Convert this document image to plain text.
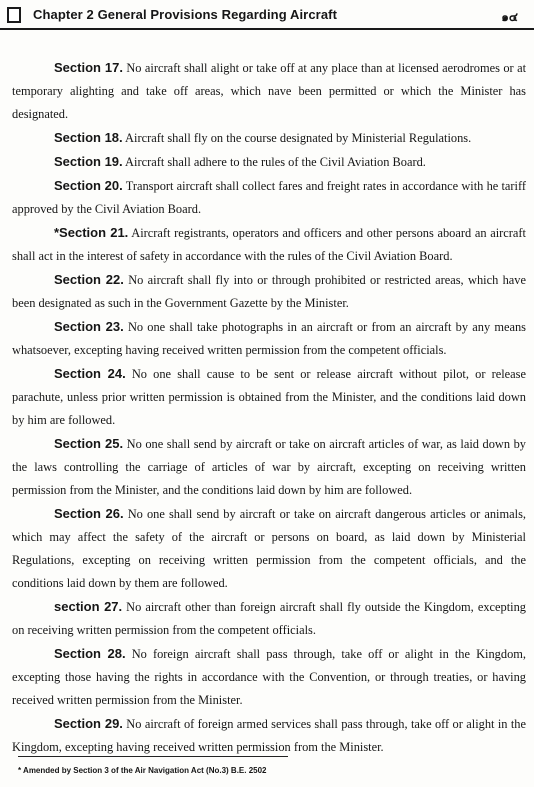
Chapter 2 General Provisions Regarding Aircraft	๑๔

Section 17. No aircraft shall alight or take off at any place than at licensed aerodromes or at temporary alighting and take off areas, which nave been permitted or which the Minister has designated.

Section 18. Aircraft shall fly on the course designated by Ministerial Regulations.

Section 19. Aircraft shall adhere to the rules of the Civil Aviation Board.

Section 20. Transport aircraft shall collect fares and freight rates in accordance with he tariff approved by the Civil Aviation Board.

*Section 21. Aircraft registrants, operators and officers and other persons aboard an aircraft shall act in the interest of safety in accordance with the rules of the Civil Aviation Board.

Section 22. No aircraft shall fly into or through prohibited or restricted areas, which have been designated as such in the Government Gazette by the Minister.

Section 23. No one shall take photographs in an aircraft or from an aircraft by any means whatsoever, excepting having received written permission from the competent officials.

Section 24. No one shall cause to be sent or release aircraft without pilot, or release parachute, unless prior written permission is obtained from the Minister, and the conditions laid down by him are followed.

Section 25. No one shall send by aircraft or take on aircraft articles of war, as laid down by the laws controlling the carriage of articles of war by aircraft, excepting on receiving written permission from the Minister, and the conditions laid down by him are followed.

Section 26. No one shall send by aircraft or take on aircraft dangerous articles or animals, which may affect the safety of the aircraft or persons on board, as laid down by Ministerial Regulations, excepting on receiving written permission from the competent officials, and the conditions laid down by them are followed.

section 27. No aircraft other than foreign aircraft shall fly outside the Kingdom, excepting on receiving written permission from the competent officials.

Section 28. No foreign aircraft shall pass through, take off or alight in the Kingdom, excepting those having the rights in accordance with the Convention, or through treaties, or having received written permission from the Minister.

Section 29. No aircraft of foreign armed services shall pass through, take off or alight in the Kingdom, excepting having received written permission from the Minister.

* Amended by Section 3 of the Air Navigation Act (No.3) B.E. 2502
